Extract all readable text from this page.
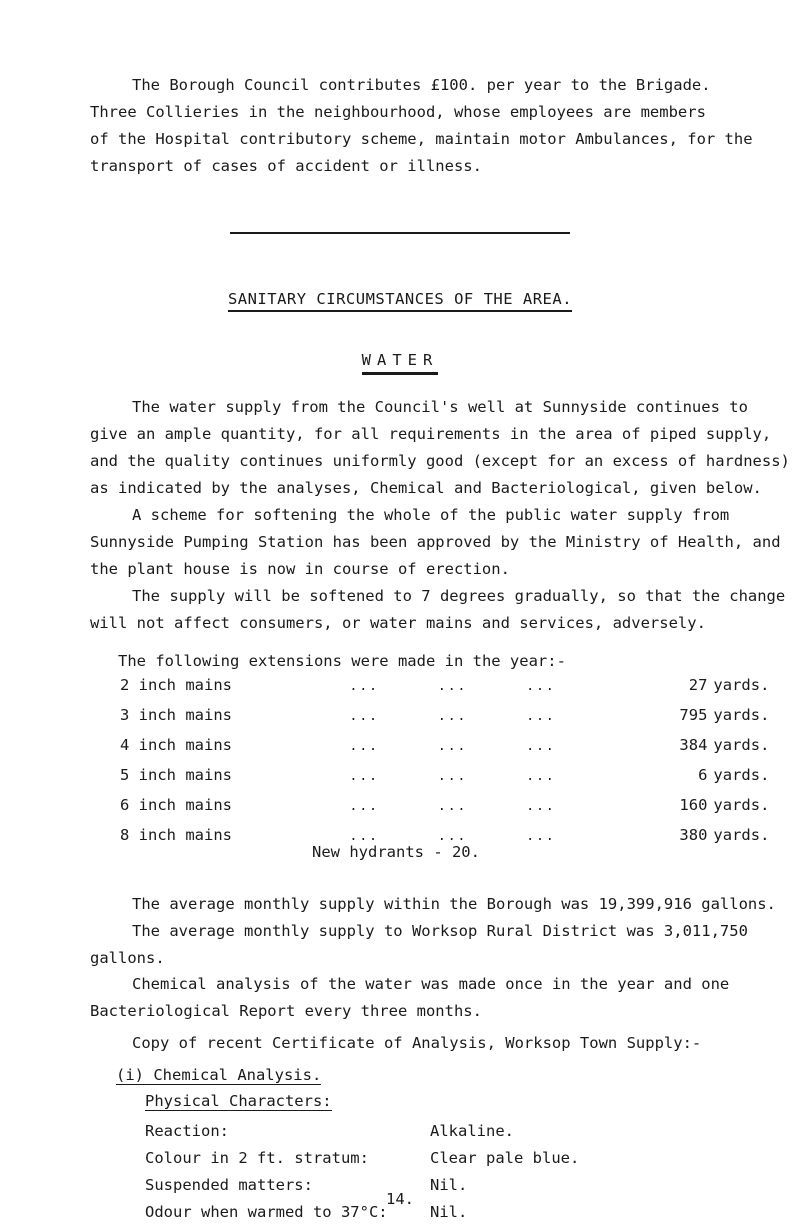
The Borough Council contributes £100. per year to the Brigade.
Three Collieries in the neighbourhood, whose employees are members
of the Hospital contributory scheme, maintain motor Ambulances, for the
transport of cases of accident or illness.

SANITARY CIRCUMSTANCES OF THE AREA.
WATER

The water supply from the Council's well at Sunnyside continues to
give an ample quantity, for all requirements in the area of piped supply,
and the quality continues uniformly good (except for an excess of hardness)
as indicated by the analyses, Chemical and Bacteriological, given below.

A scheme for softening the whole of the public water supply from
Sunnyside Pumping Station has been approved by the Ministry of Health, and
the plant house is now in course of erection.

The supply will be softened to 7 degrees gradually, so that the change
will not affect consumers, or water mains and services, adversely.

The following extensions were made in the year:-

2 inch mains	...	...	...	27	yards.
3 inch mains	...	...	...	795	yards.
4 inch mains	...	...	...	384	yards.
5 inch mains	...	...	...	6	yards.
6 inch mains	...	...	...	160	yards.
8 inch mains	...	...	...	380	yards.
New hydrants - 20.

The average monthly supply within the Borough was 19,399,916 gallons.
The average monthly supply to Worksop Rural District was 3,011,750
gallons.

Chemical analysis of the water was made once in the year and one
Bacteriological Report every three months.

Copy of recent Certificate of Analysis, Worksop Town Supply:-

(i) Chemical Analysis.
Physical Characters:
Reaction:	Alkaline.
Colour in 2 ft. stratum:	Clear pale blue.
Suspended matters:	Nil.
Odour when warmed to 37°C:	Nil.
14.
